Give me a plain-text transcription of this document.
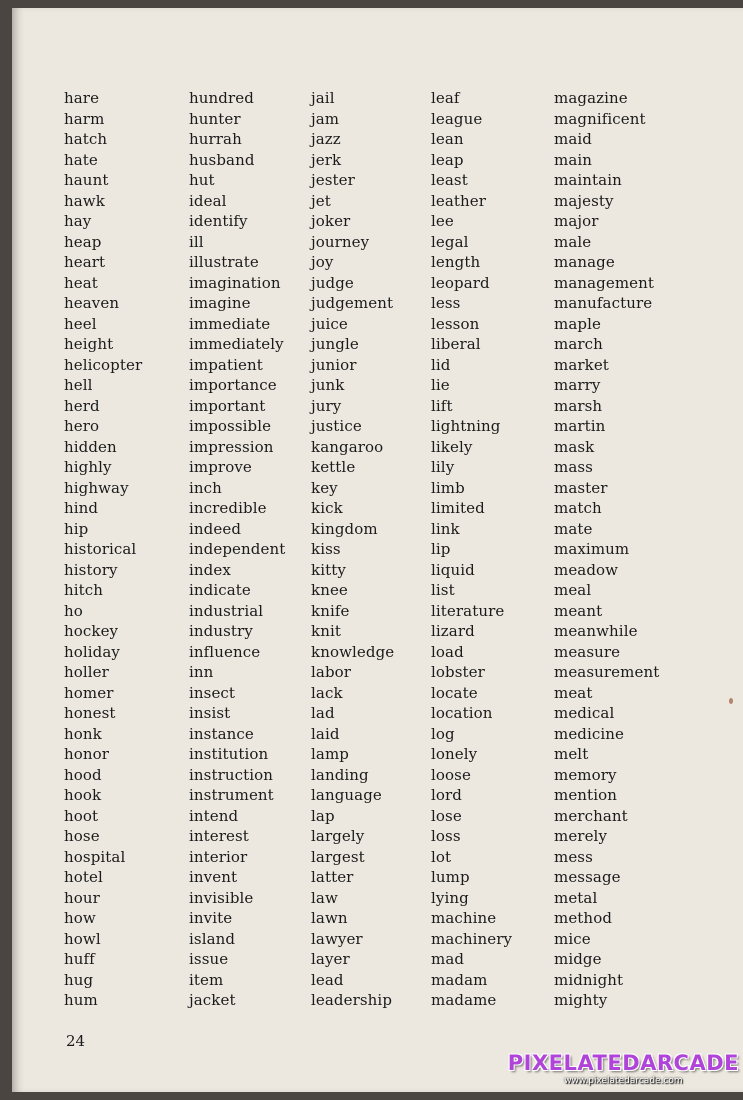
hare
harm
hatch
hate
haunt
hawk
hay
heap
heart
heat
heaven
heel
height
helicopter
hell
herd
hero
hidden
highly
highway
hind
hip
historical
history
hitch
ho
hockey
holiday
holler
homer
honest
honk
honor
hood
hook
hoot
hose
hospital
hotel
hour
how
howl
huff
hug
hum
hundred
hunter
hurrah
husband
hut
ideal
identify
ill
illustrate
imagination
imagine
immediate
immediately
impatient
importance
important
impossible
impression
improve
inch
incredible
indeed
independent
index
indicate
industrial
industry
influence
inn
insect
insist
instance
institution
instruction
instrument
intend
interest
interior
invent
invisible
invite
island
issue
item
jacket
jail
jam
jazz
jerk
jester
jet
joker
journey
joy
judge
judgement
juice
jungle
junior
junk
jury
justice
kangaroo
kettle
key
kick
kingdom
kiss
kitty
knee
knife
knit
knowledge
labor
lack
lad
laid
lamp
landing
language
lap
largely
largest
latter
law
lawn
lawyer
layer
lead
leadership
leaf
league
lean
leap
least
leather
lee
legal
length
leopard
less
lesson
liberal
lid
lie
lift
lightning
likely
lily
limb
limited
link
lip
liquid
list
literature
lizard
load
lobster
locate
location
log
lonely
loose
lord
lose
loss
lot
lump
lying
machine
machinery
mad
madam
madame
magazine
magnificent
maid
main
maintain
majesty
major
male
manage
management
manufacture
maple
march
market
marry
marsh
martin
mask
mass
master
match
mate
maximum
meadow
meal
meant
meanwhile
measure
measurement
meat
medical
medicine
melt
memory
mention
merchant
merely
mess
message
metal
method
mice
midge
midnight
mighty
24
PIXELATEDARCADE
www.pixelatedarcade.com
